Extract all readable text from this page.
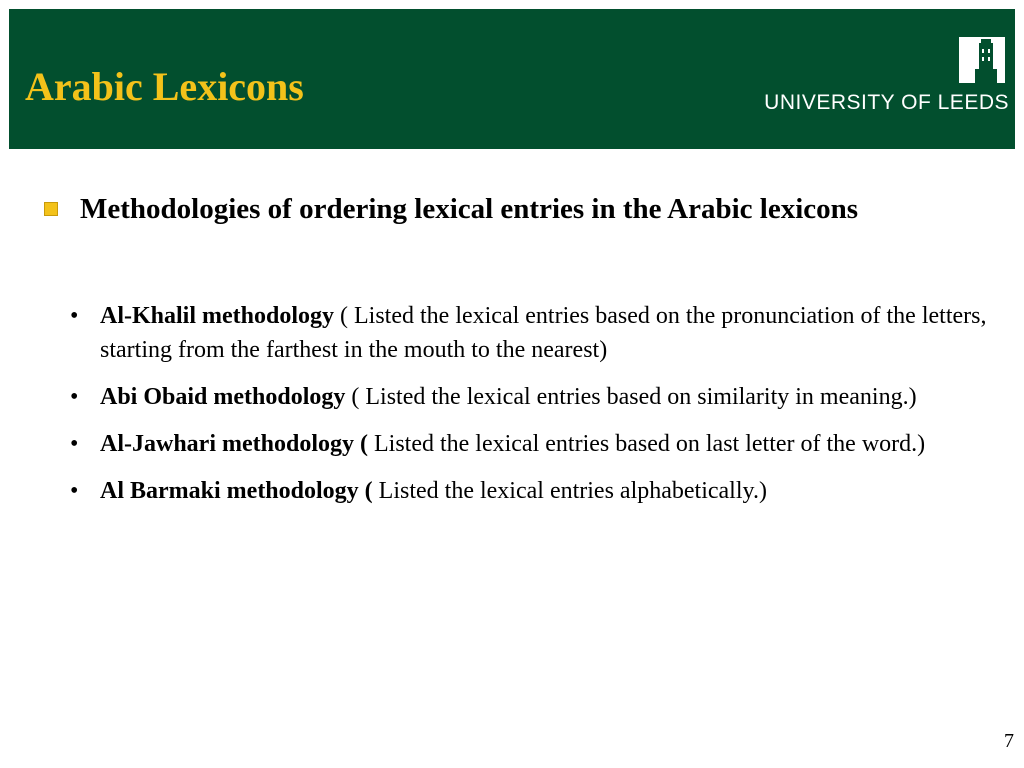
Arabic Lexicons	UNIVERSITY OF LEEDS
Methodologies of ordering lexical entries in the Arabic lexicons
• Al-Khalil methodology ( Listed the lexical entries based on the pronunciation of the letters, starting from the farthest in the mouth to the nearest)
• Abi Obaid methodology ( Listed the lexical entries based on similarity in meaning.)
• Al-Jawhari methodology ( Listed the lexical entries based on last letter of the word.)
• Al Barmaki methodology ( Listed the lexical entries alphabetically.)
7
